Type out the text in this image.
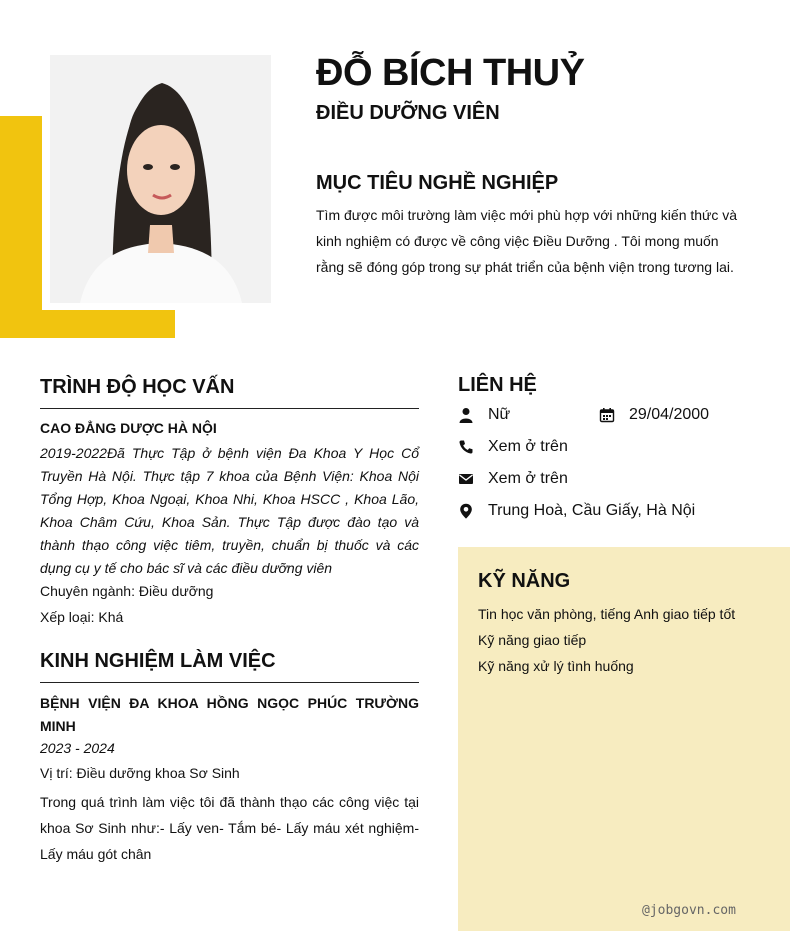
ĐỖ BÍCH THUỶ
ĐIỀU DƯỠNG VIÊN
MỤC TIÊU NGHỀ NGHIỆP

Tìm được môi trường làm việc mới phù hợp với những kiến thức và kinh nghiệm có được về công việc Điều Dưỡng . Tôi mong muốn rằng sẽ đóng góp trong sự phát triển của bệnh viện trong tương lai.

TRÌNH ĐỘ HỌC VẤN
CAO ĐẲNG DƯỢC HÀ NỘI

2019-2022Đã Thực Tập ở bệnh viện Đa Khoa Y Học Cổ Truyền Hà Nội. Thực tập 7 khoa của Bệnh Viện: Khoa Nội Tổng Hợp, Khoa Ngoại, Khoa Nhi, Khoa HSCC , Khoa Lão, Khoa Châm Cứu, Khoa Sản. Thực Tập được đào tạo và thành thạo công việc tiêm, truyền, chuẩn bị thuốc và các dụng cụ y tế cho bác sĩ và các điều dưỡng viên

Chuyên ngành: Điều dưỡng
Xếp loại: Khá
KINH NGHIỆM LÀM VIỆC

BỆNH VIỆN ĐA KHOA HỒNG NGỌC PHÚC TRƯỜNG MINH

2023 - 2024
Vị trí: Điều dưỡng khoa Sơ Sinh

Trong quá trình làm việc tôi đã thành thạo các công việc tại khoa Sơ Sinh như:- Lấy ven- Tắm bé- Lấy máu xét nghiệm- Lấy máu gót chân

LIÊN HỆ
Nữ	29/04/2000
Xem ở trên
Xem ở trên
Trung Hoà, Cầu Giấy, Hà Nội
KỸ NĂNG
Tin học văn phòng, tiếng Anh giao tiếp tốt
Kỹ năng giao tiếp
Kỹ năng xử lý tình huống
@jobgovn.com
